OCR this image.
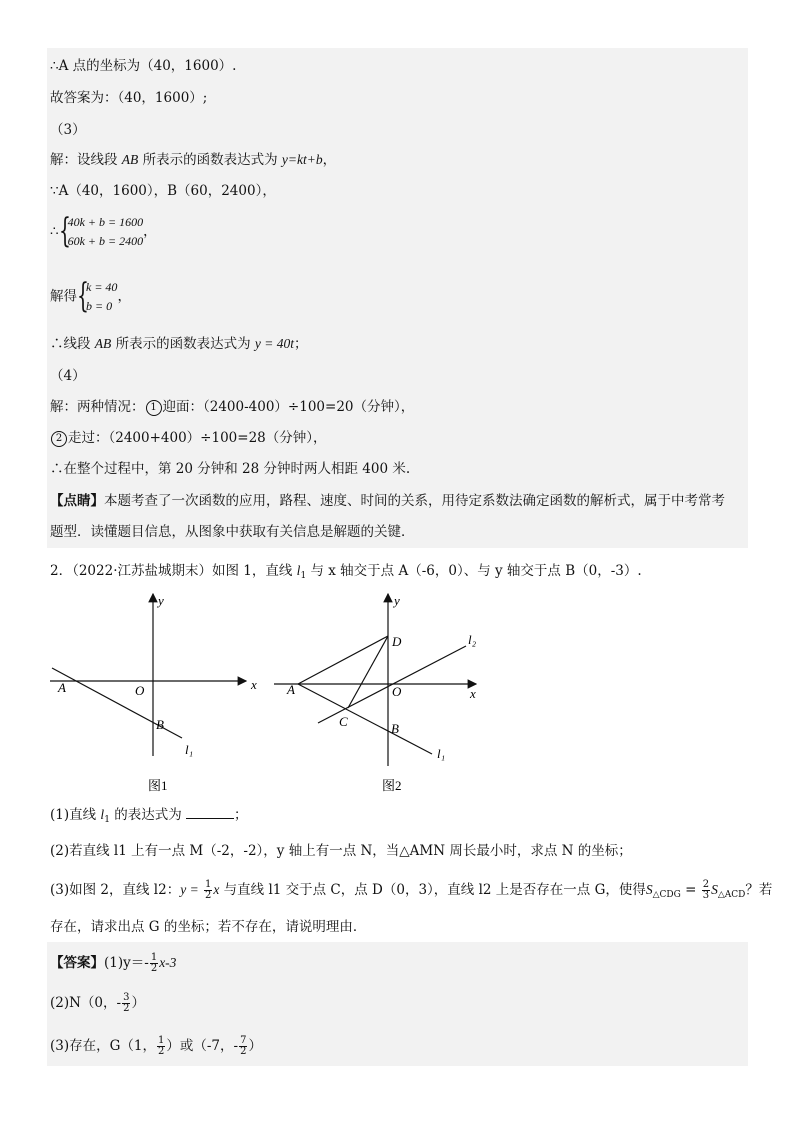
∴A 点的坐标为（40，1600）.
故答案为：（40，1600）;
（3）
解：设线段 AB 所表示的函数表达式为 y=kt+b，
∵A（40，1600），B（60，2400），
∴ {
40k + b = 1600
60k + b = 2400
，
解得 {
k = 40
b = 0
，
∴线段 AB 所表示的函数表达式为 y = 40t；
（4）
解：两种情况： 1 迎面：（2400-400）÷100=20（分钟），
2 走过：（2400+400）÷100=28（分钟），
∴在整个过程中，第 20 分钟和 28 分钟时两人相距 400 米.
【点睛】本题考查了一次函数的应用，路程、速度、时间的关系，用待定系数法确定函数的解析式，属于中考常考
题型．读懂题目信息，从图象中获取有关信息是解题的关键．
2．（2022·江苏盐城期末）如图 1，直线 $l_1$ 与 x 轴交于点 A（-6，0）、与 y 轴交于点 B（0，-3）.
y
x
O
A
B
l₁
图1
y
x
O
A
D
C	B
l₁
l₂
图2
(1)直线 $l_1$ 的表达式为	；
(2)若直线 l1 上有一点 M（-2，-2），y 轴上有一点 N，当△AMN 周长最小时，求点 N 的坐标；
(3)如图 2，直线 l2：$y = \frac{1}{2}$ x 与直线 l1 交于点 C，点 D（0，3），直线 l2 上是否存在一点 G，使得$S_{\triangle CDG} = \frac{2}{3} S_{\triangle ACD}$？若
存在，请求出点 G 的坐标；若不存在，请说明理由．
【答案】$(1)y=- \frac{1}{2} x-3$
(2)N（0，- $\frac{3}{2}$ ）
(3)存在，G（1， $\frac{1}{2}$ ）或（-7，- $\frac{7}{2}$ ）
